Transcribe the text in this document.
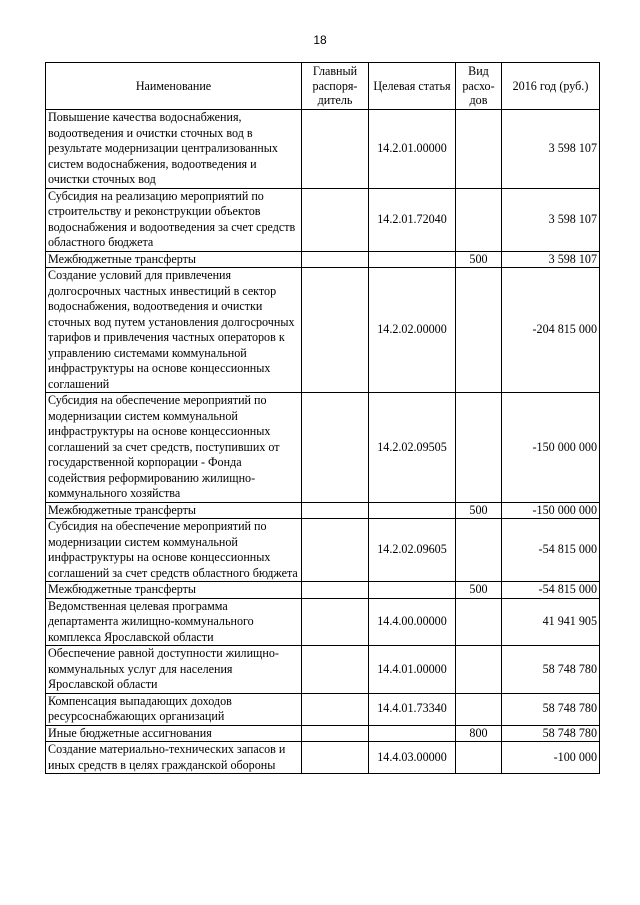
18
Наименование	Главный распоря-дитель	Целевая статья	Вид расхо-дов	2016 год (руб.)
Повышение качества водоснабжения, водоотведения и очистки сточных вод в результате модернизации централизованных систем водоснабжения, водоотведения и очистки сточных вод		14.2.01.00000		3 598 107
Субсидия на реализацию мероприятий по строительству и реконструкции объектов водоснабжения и водоотведения за счет средств областного бюджета		14.2.01.72040		3 598 107
Межбюджетные трансферты			500	3 598 107
Создание условий для привлечения долгосрочных частных инвестиций в сектор водоснабжения, водоотведения и очистки сточных вод путем установления долгосрочных тарифов и привлечения частных операторов к управлению системами коммунальной инфраструктуры на основе концессионных соглашений		14.2.02.00000		-204 815 000
Субсидия на обеспечение мероприятий по модернизации систем коммунальной инфраструктуры на основе концессионных соглашений за счет средств, поступивших от государственной корпорации - Фонда содействия реформированию жилищно-коммунального хозяйства		14.2.02.09505		-150 000 000
Межбюджетные трансферты			500	-150 000 000
Субсидия на обеспечение мероприятий по модернизации систем коммунальной инфраструктуры на основе концессионных соглашений за счет средств областного бюджета		14.2.02.09605		-54 815 000
Межбюджетные трансферты			500	-54 815 000
Ведомственная целевая программа департамента жилищно-коммунального комплекса Ярославской области		14.4.00.00000		41 941 905
Обеспечение равной доступности жилищно-коммунальных услуг для населения Ярославской области		14.4.01.00000		58 748 780
Компенсация выпадающих доходов ресурсоснабжающих организаций		14.4.01.73340		58 748 780
Иные бюджетные ассигнования			800	58 748 780
Создание материально-технических запасов и иных средств в целях гражданской обороны		14.4.03.00000		-100 000
